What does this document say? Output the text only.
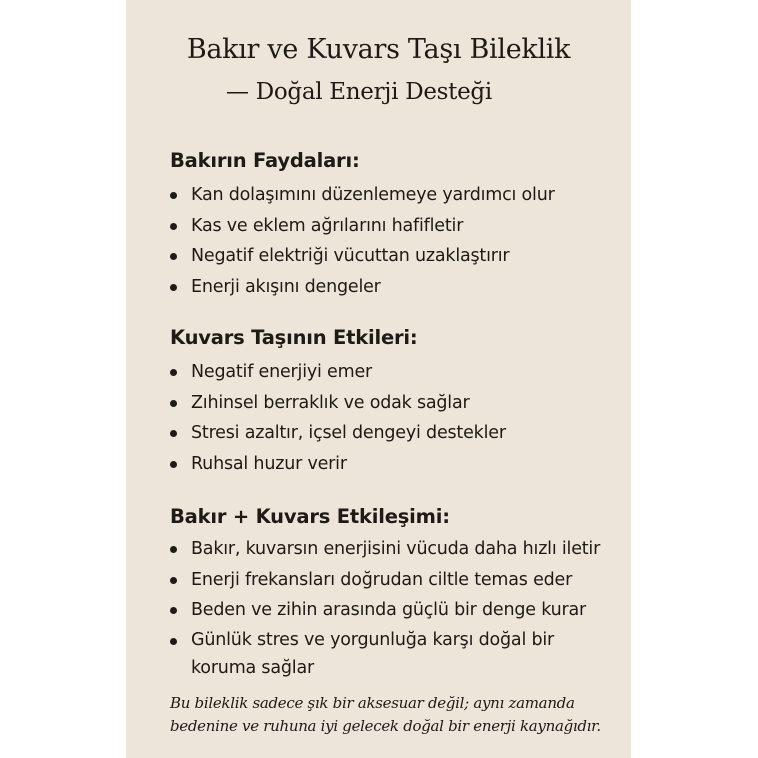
Bakır ve Kuvars Taşı Bileklik

— Doğal Enerji Desteği

Bakırın Faydaları:
Kan dolaşımını düzenlemeye yardımcı olur
Kas ve eklem ağrılarını hafifletir
Negatif elektriği vücuttan uzaklaştırır
Enerji akışını dengeler
Kuvars Taşının Etkileri:
Negatif enerjiyi emer
Zıhinsel berraklık ve odak sağlar
Stresi azaltır, içsel dengeyi destekler
Ruhsal huzur verir
Bakır + Kuvars Etkileşimi:
Bakır, kuvarsın enerjisini vücuda daha hızlı iletir
Enerji frekansları doğrudan ciltle temas eder
Beden ve zihin arasında güçlü bir denge kurar
Günlük stres ve yorgunluğa karşı doğal bir koruma sağlar

Bu bileklik sadece şık bir aksesuar değil; aynı zamanda bedenine ve ruhuna iyi gelecek doğal bir enerji kaynağıdır.
